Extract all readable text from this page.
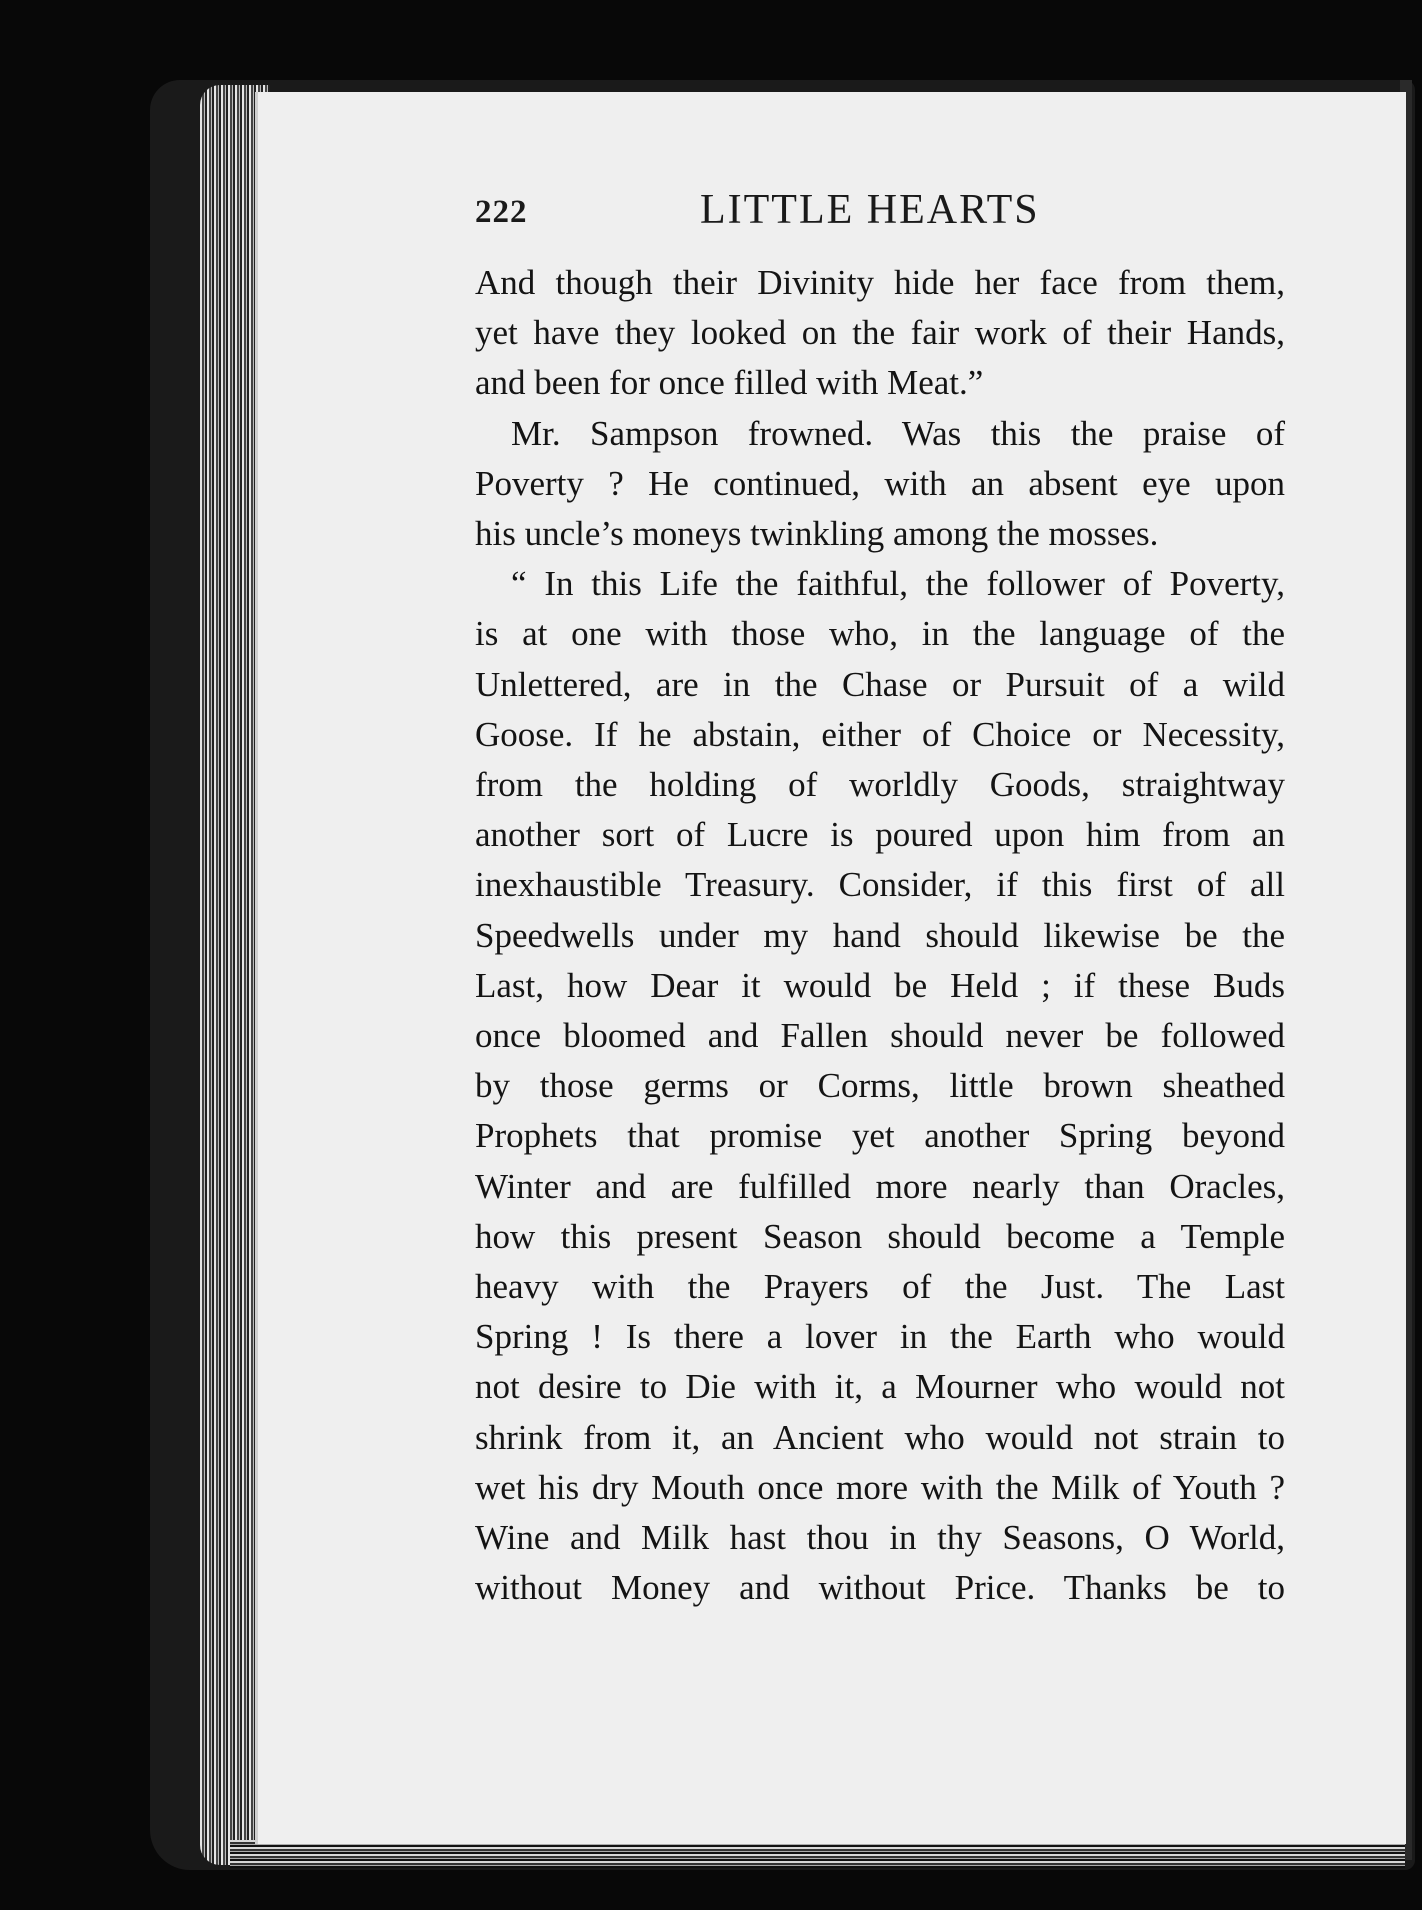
222	LITTLE HEARTS
And though their Divinity hide her face from them,
yet have they looked on the fair work of their Hands,
and been for once filled with Meat.”
Mr. Sampson frowned. Was this the praise of
Poverty ? He continued, with an absent eye upon
his uncle’s moneys twinkling among the mosses.
“ In this Life the faithful, the follower of Poverty,
is at one with those who, in the language of the
Unlettered, are in the Chase or Pursuit of a wild
Goose. If he abstain, either of Choice or Necessity,
from the holding of worldly Goods, straightway
another sort of Lucre is poured upon him from an
inexhaustible Treasury. Consider, if this first of all
Speedwells under my hand should likewise be the
Last, how Dear it would be Held ; if these Buds
once bloomed and Fallen should never be followed
by those germs or Corms, little brown sheathed
Prophets that promise yet another Spring beyond
Winter and are fulfilled more nearly than Oracles,
how this present Season should become a Temple
heavy with the Prayers of the Just. The Last
Spring ! Is there a lover in the Earth who would
not desire to Die with it, a Mourner who would not
shrink from it, an Ancient who would not strain to
wet his dry Mouth once more with the Milk of Youth ?
Wine and Milk hast thou in thy Seasons, O World,
without Money and without Price. Thanks be to
